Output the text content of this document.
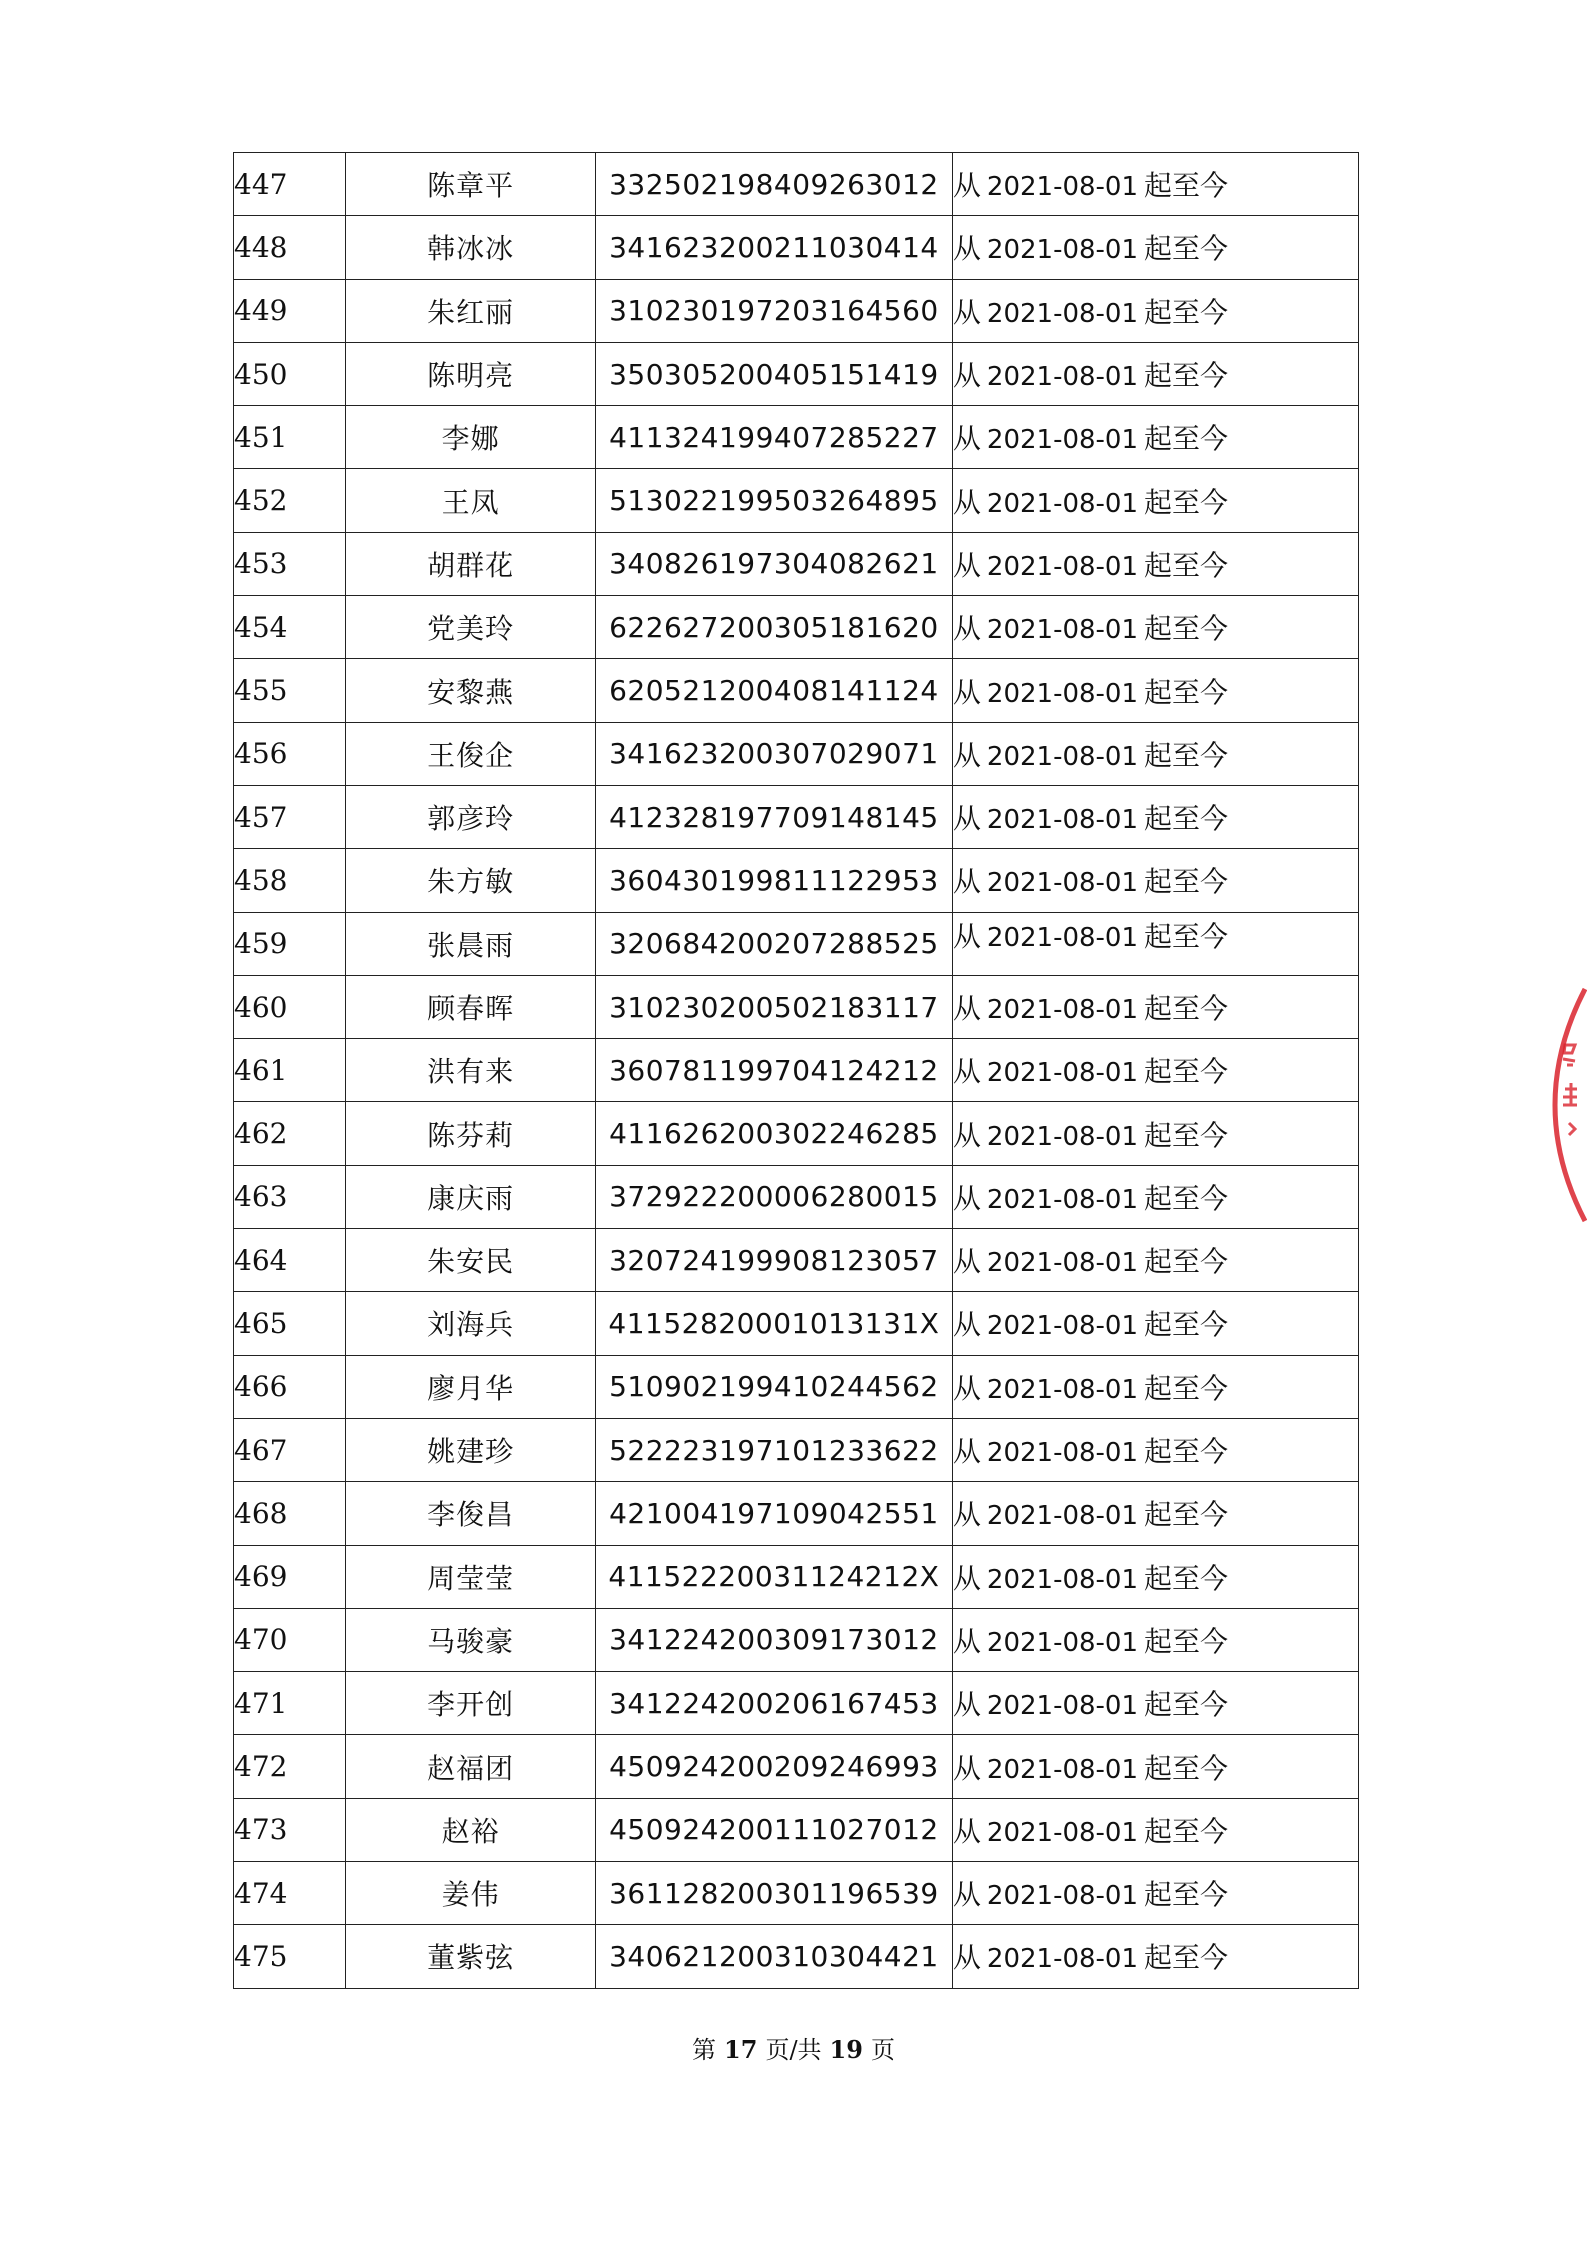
447	陈章平	332502198409263012	从 2021-08-01 起至今
448	韩冰冰	341623200211030414	从 2021-08-01 起至今
449	朱红丽	310230197203164560	从 2021-08-01 起至今
450	陈明亮	350305200405151419	从 2021-08-01 起至今
451	李娜	411324199407285227	从 2021-08-01 起至今
452	王凤	513022199503264895	从 2021-08-01 起至今
453	胡群花	340826197304082621	从 2021-08-01 起至今
454	党美玲	622627200305181620	从 2021-08-01 起至今
455	安黎燕	620521200408141124	从 2021-08-01 起至今
456	王俊企	341623200307029071	从 2021-08-01 起至今
457	郭彦玲	412328197709148145	从 2021-08-01 起至今
458	朱方敏	360430199811122953	从 2021-08-01 起至今
459	张晨雨	320684200207288525	从 2021-08-01 起至今
460	顾春晖	310230200502183117	从 2021-08-01 起至今
461	洪有来	360781199704124212	从 2021-08-01 起至今
462	陈芬莉	411626200302246285	从 2021-08-01 起至今
463	康庆雨	372922200006280015	从 2021-08-01 起至今
464	朱安民	320724199908123057	从 2021-08-01 起至今
465	刘海兵	41152820001013131X	从 2021-08-01 起至今
466	廖月华	510902199410244562	从 2021-08-01 起至今
467	姚建珍	522223197101233622	从 2021-08-01 起至今
468	李俊昌	421004197109042551	从 2021-08-01 起至今
469	周莹莹	41152220031124212X	从 2021-08-01 起至今
470	马骏豪	341224200309173012	从 2021-08-01 起至今
471	李开创	341224200206167453	从 2021-08-01 起至今
472	赵福团	450924200209246993	从 2021-08-01 起至今
473	赵裕	450924200111027012	从 2021-08-01 起至今
474	姜伟	361128200301196539	从 2021-08-01 起至今
475	董紫弦	340621200310304421	从 2021-08-01 起至今
第 17 页/共 19 页
